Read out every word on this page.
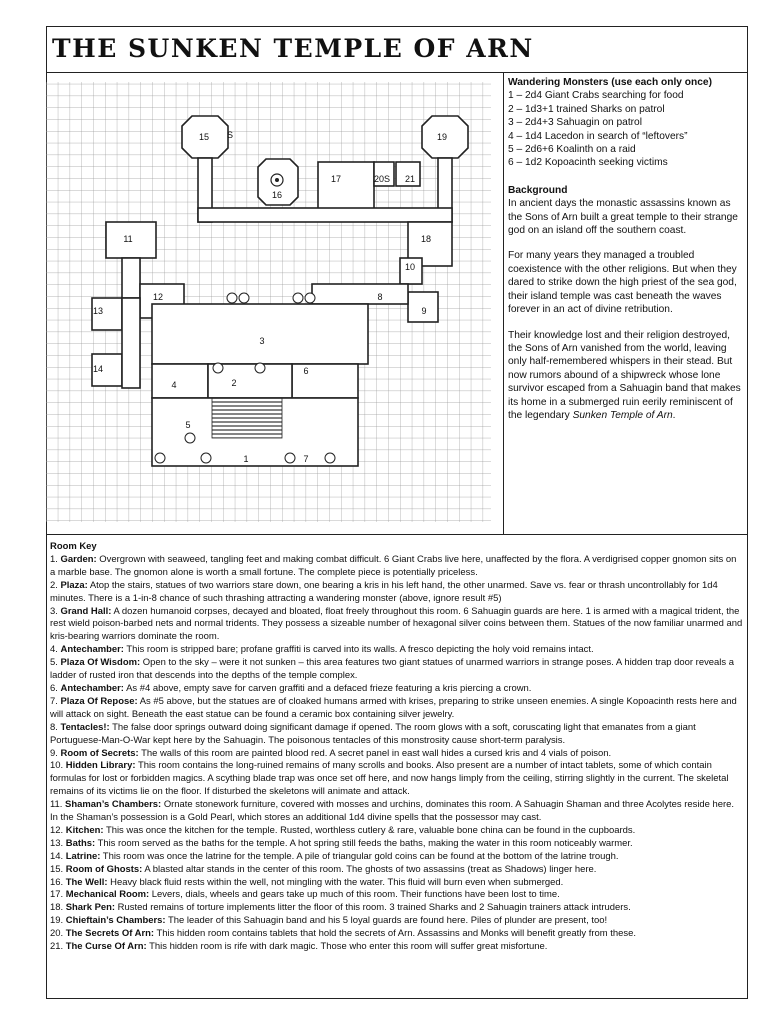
THE SUNKEN TEMPLE OF ARN
1
2
3
4
5
6
7
8
9
10
11
12
13
14
15
16
17
18
19
20S 21
S
Wandering Monsters (use each only once)
1 – 2d4 Giant Crabs searching for food
2 – 1d3+1 trained Sharks on patrol
3 – 2d4+3 Sahuagin on patrol
4 – 1d4 Lacedon in search of “leftovers”
5 – 2d6+6 Koalinth on a raid
6 – 1d2 Kopoacinth seeking victims
Background

In ancient days the monastic assassins known as the Sons of Arn built a great temple to their strange god on an island off the southern coast.

For many years they managed a troubled coexistence with the other religions. But when they dared to strike down the high priest of the sea god, their island temple was cast beneath the waves forever in an act of divine retribution.

Their knowledge lost and their religion destroyed, the Sons of Arn vanished from the world, leaving only half-remembered whispers in their stead. But now rumors abound of a shipwreck whose lone survivor escaped from a Sahuagin band that makes its home in a submerged ruin eerily reminiscent of the legendary Sunken Temple of Arn.

Room Key

1. Garden: Overgrown with seaweed, tangling feet and making combat difficult. 6 Giant Crabs live here, unaffected by the flora. A verdigrised copper gnomon sits on a marble base. The gnomon alone is worth a small fortune. The complete piece is potentially priceless.

2. Plaza: Atop the stairs, statues of two warriors stare down, one bearing a kris in his left hand, the other unarmed. Save vs. fear or thrash uncontrollably for 1d4 minutes. There is a 1-in-8 chance of such thrashing attracting a wandering monster (above, ignore result #5)

3. Grand Hall: A dozen humanoid corpses, decayed and bloated, float freely throughout this room. 6 Sahuagin guards are here. 1 is armed with a magical trident, the rest wield poison-barbed nets and normal tridents. They possess a sizeable number of hexagonal silver coins between them. Statues of the now familiar unarmed and kris-bearing warriors dominate the room.

4. Antechamber: This room is stripped bare; profane graffiti is carved into its walls. A fresco depicting the holy void remains intact.

5. Plaza Of Wisdom: Open to the sky – were it not sunken – this area features two giant statues of unarmed warriors in strange poses. A hidden trap door reveals a ladder of rusted iron that descends into the depths of the temple complex.

6. Antechamber: As #4 above, empty save for carven graffiti and a defaced frieze featuring a kris piercing a crown.

7. Plaza Of Repose: As #5 above, but the statues are of cloaked humans armed with krises, preparing to strike unseen enemies. A single Kopoacinth rests here and will attack on sight. Beneath the east statue can be found a ceramic box containing silver jewelry.

8. Tentacles!: The false door springs outward doing significant damage if opened. The room glows with a soft, coruscating light that emanates from a giant Portuguese-Man-O-War kept here by the Sahuagin. The poisonous tentacles of this monstrosity cause short-term paralysis.

9. Room of Secrets: The walls of this room are painted blood red. A secret panel in east wall hides a cursed kris and 4 vials of poison.

10. Hidden Library: This room contains the long-ruined remains of many scrolls and books. Also present are a number of intact tablets, some of which contain formulas for lost or forbidden magics. A scything blade trap was once set off here, and now hangs limply from the ceiling, stirring slightly in the current. The skeletal remains of its victims lie on the floor. If disturbed the skeletons will animate and attack.

11. Shaman’s Chambers: Ornate stonework furniture, covered with mosses and urchins, dominates this room. A Sahuagin Shaman and three Acolytes reside here. In the Shaman’s possession is a Gold Pearl, which stores an additional 1d4 divine spells that the possessor may cast.

12. Kitchen: This was once the kitchen for the temple. Rusted, worthless cutlery & rare, valuable bone china can be found in the cupboards.

13. Baths: This room served as the baths for the temple. A hot spring still feeds the baths, making the water in this room noticeably warmer.

14. Latrine: This room was once the latrine for the temple. A pile of triangular gold coins can be found at the bottom of the latrine trough.

15. Room of Ghosts: A blasted altar stands in the center of this room. The ghosts of two assassins (treat as Shadows) linger here.

16. The Well: Heavy black fluid rests within the well, not mingling with the water. This fluid will burn even when submerged.

17. Mechanical Room: Levers, dials, wheels and gears take up much of this room. Their functions have been lost to time.

18. Shark Pen: Rusted remains of torture implements litter the floor of this room. 3 trained Sharks and 2 Sahuagin trainers attack intruders.

19. Chieftain’s Chambers: The leader of this Sahuagin band and his 5 loyal guards are found here. Piles of plunder are present, too!

20. The Secrets Of Arn: This hidden room contains tablets that hold the secrets of Arn. Assassins and Monks will benefit greatly from these.

21. The Curse Of Arn: This hidden room is rife with dark magic. Those who enter this room will suffer great misfortune.
